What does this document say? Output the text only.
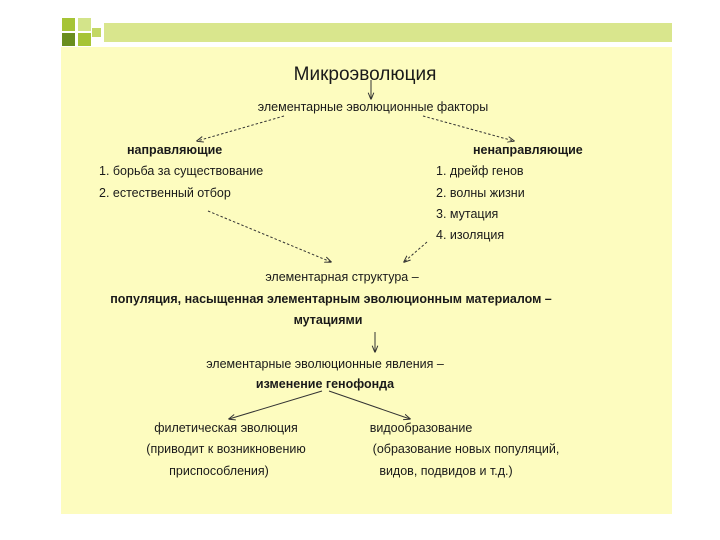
Микроэволюция
элементарные эволюционные факторы
направляющие
1. борьба за существование
2. естественный отбор
ненаправляющие
1. дрейф генов
2. волны жизни
3. мутация
4. изоляция
элементарная структура –
популяция, насыщенная элементарным эволюционным материалом –
мутациями
элементарные эволюционные явления –
изменение генофонда
филетическая эволюция
(приводит к возникновению
приспособления)
видообразование
(образование новых популяций,
видов, подвидов и т.д.)
